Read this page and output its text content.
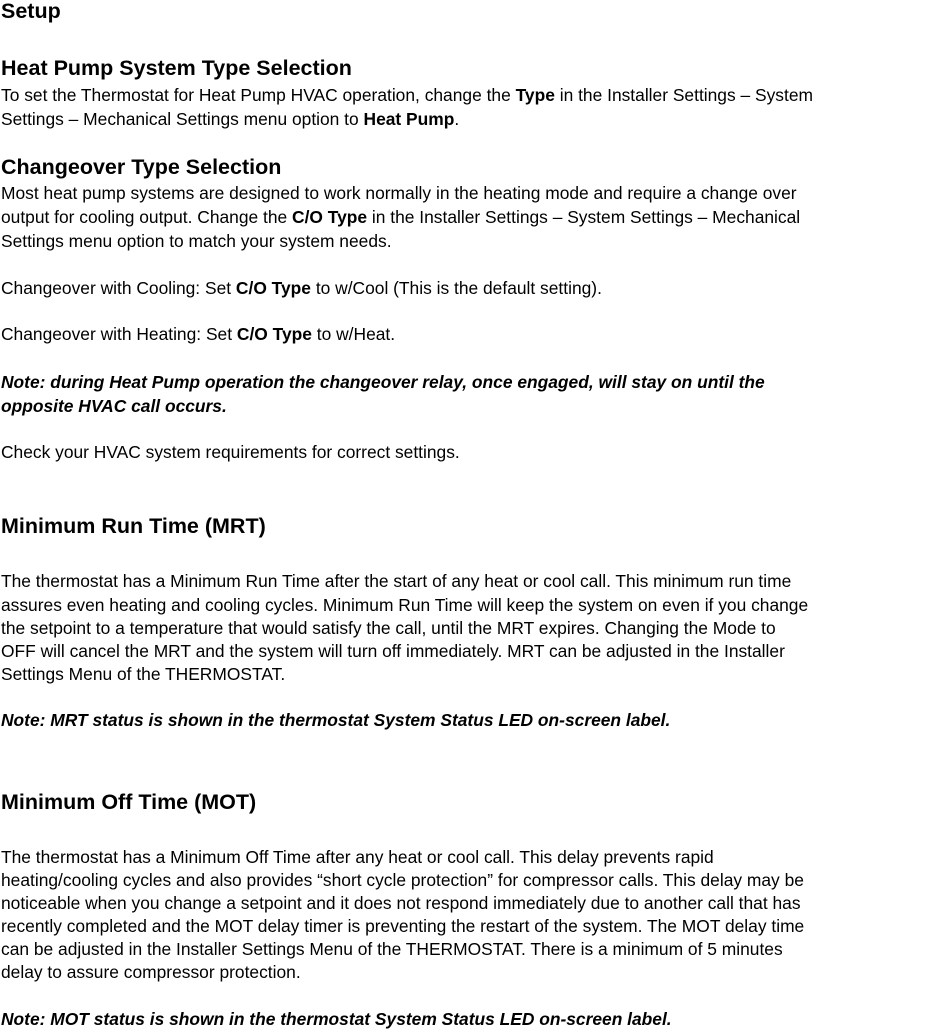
Setup
Heat Pump System Type Selection

To set the Thermostat for Heat Pump HVAC operation, change the Type in the Installer Settings – System

Settings – Mechanical Settings menu option to Heat Pump.

Changeover Type Selection

Most heat pump systems are designed to work normally in the heating mode and require a change over

output for cooling output. Change the C/O Type in the Installer Settings – System Settings – Mechanical

Settings menu option to match your system needs.

Changeover with Cooling: Set C/O Type to w/Cool (This is the default setting).

Changeover with Heating: Set C/O Type to w/Heat.

Note: during Heat Pump operation the changeover relay, once engaged, will stay on until the

opposite HVAC call occurs.

Check your HVAC system requirements for correct settings.

Minimum Run Time (MRT)

The thermostat has a Minimum Run Time after the start of any heat or cool call. This minimum run time

assures even heating and cooling cycles. Minimum Run Time will keep the system on even if you change

the setpoint to a temperature that would satisfy the call, until the MRT expires. Changing the Mode to

OFF will cancel the MRT and the system will turn off immediately. MRT can be adjusted in the Installer

Settings Menu of the THERMOSTAT.

Note: MRT status is shown in the thermostat System Status LED on-screen label.

Minimum Off Time (MOT)

The thermostat has a Minimum Off Time after any heat or cool call. This delay prevents rapid

heating/cooling cycles and also provides “short cycle protection” for compressor calls. This delay may be

noticeable when you change a setpoint and it does not respond immediately due to another call that has

recently completed and the MOT delay timer is preventing the restart of the system. The MOT delay time

can be adjusted in the Installer Settings Menu of the THERMOSTAT. There is a minimum of 5 minutes

delay to assure compressor protection.

Note: MOT status is shown in the thermostat System Status LED on-screen label.
